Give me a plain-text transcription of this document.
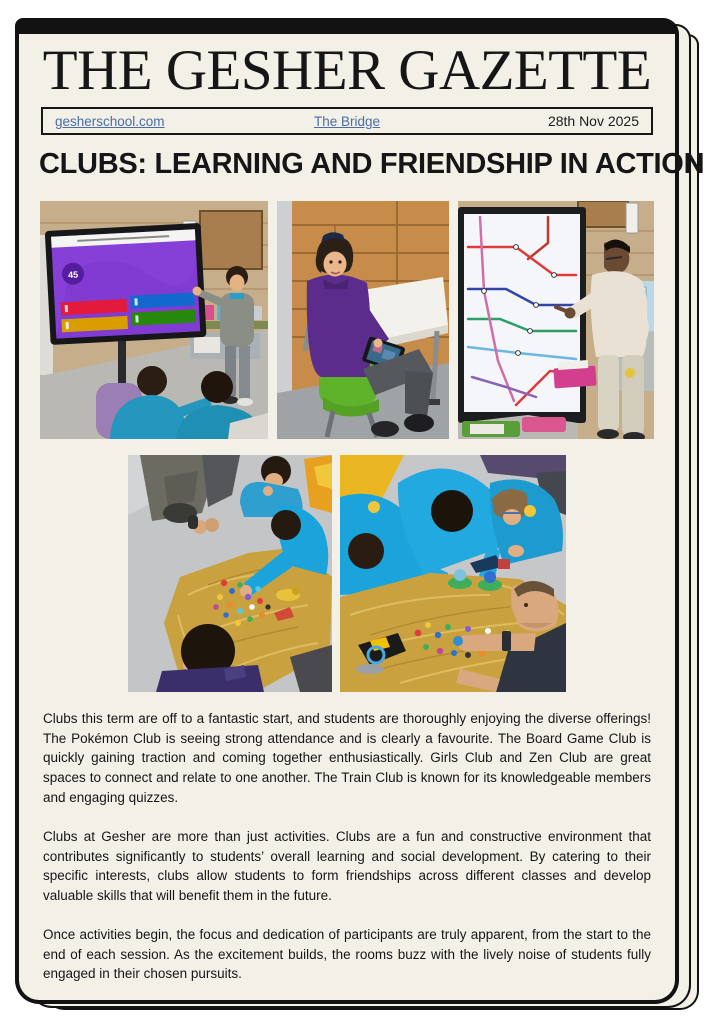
THE GESHER GAZETTE
gesherschool.com	The Bridge	28th Nov 2025
CLUBS: LEARNING AND FRIENDSHIP IN ACTION
45

Clubs this term are off to a fantastic start, and students are thoroughly enjoying the diverse offerings! The Pokémon Club is seeing strong attendance and is clearly a favourite. The Board Game Club is quickly gaining traction and coming together enthusiastically. Girls Club and Zen Club are great spaces to connect and relate to one another. The Train Club is known for its knowledgeable members and engaging quizzes.

Clubs at Gesher are more than just activities. Clubs are a fun and constructive environment that contributes significantly to students’ overall learning and social development. By catering to their specific interests, clubs allow students to form friendships across different classes and develop valuable skills that will benefit them in the future.

Once activities begin, the focus and dedication of participants are truly apparent, from the start to the end of each session. As the excitement builds, the rooms buzz with the lively noise of students fully engaged in their chosen pursuits.
